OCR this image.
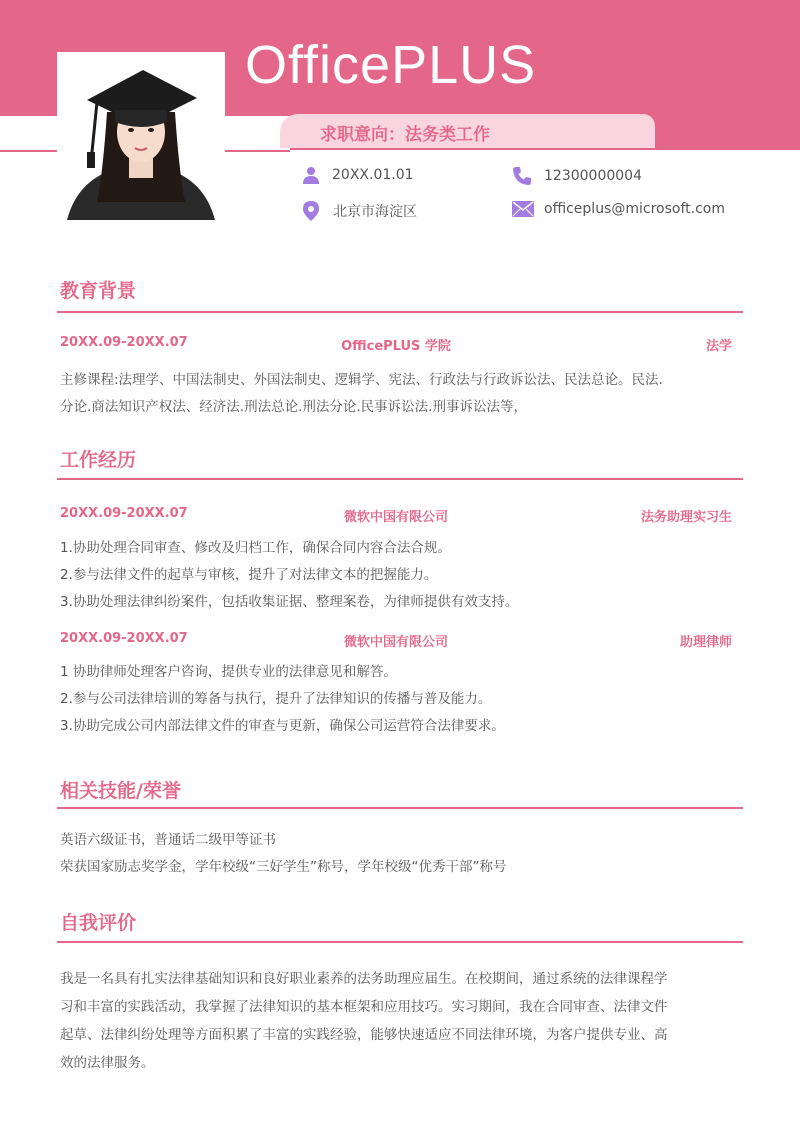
OfficePLUS
求职意向：法务类工作
20XX.01.01	12300000004
北京市海淀区	officeplus@microsoft.com
教育背景
20XX.09-20XX.07	OfficePLUS 学院	法学
主修课程:法理学、中国法制史、外国法制史、逻辑学、宪法、行政法与行政诉讼法、民法总论。民法.
分论.商法知识产权法、经济法.刑法总论.刑法分论.民事诉讼法.刑事诉讼法等，
工作经历
20XX.09-20XX.07	微软中国有限公司	法务助理实习生
1.协助处理合同审查、修改及归档工作，确保合同内容合法合规。
2.参与法律文件的起草与审核，提升了对法律文本的把握能力。
3.协助处理法律纠纷案件，包括收集证据、整理案卷，为律师提供有效支持。
20XX.09-20XX.07	微软中国有限公司	助理律师
1 协助律师处理客户咨询，提供专业的法律意见和解答。
2.参与公司法律培训的筹备与执行，提升了法律知识的传播与普及能力。
3.协助完成公司内部法律文件的审查与更新，确保公司运营符合法律要求。
相关技能/荣誉
英语六级证书，普通话二级甲等证书
荣获国家励志奖学金，学年校级“三好学生”称号，学年校级“优秀干部”称号
自我评价
我是一名具有扎实法律基础知识和良好职业素养的法务助理应届生。在校期间，通过系统的法律课程学
习和丰富的实践活动，我掌握了法律知识的基本框架和应用技巧。实习期间，我在合同审查、法律文件
起草、法律纠纷处理等方面积累了丰富的实践经验，能够快速适应不同法律环境，为客户提供专业、高
效的法律服务。
